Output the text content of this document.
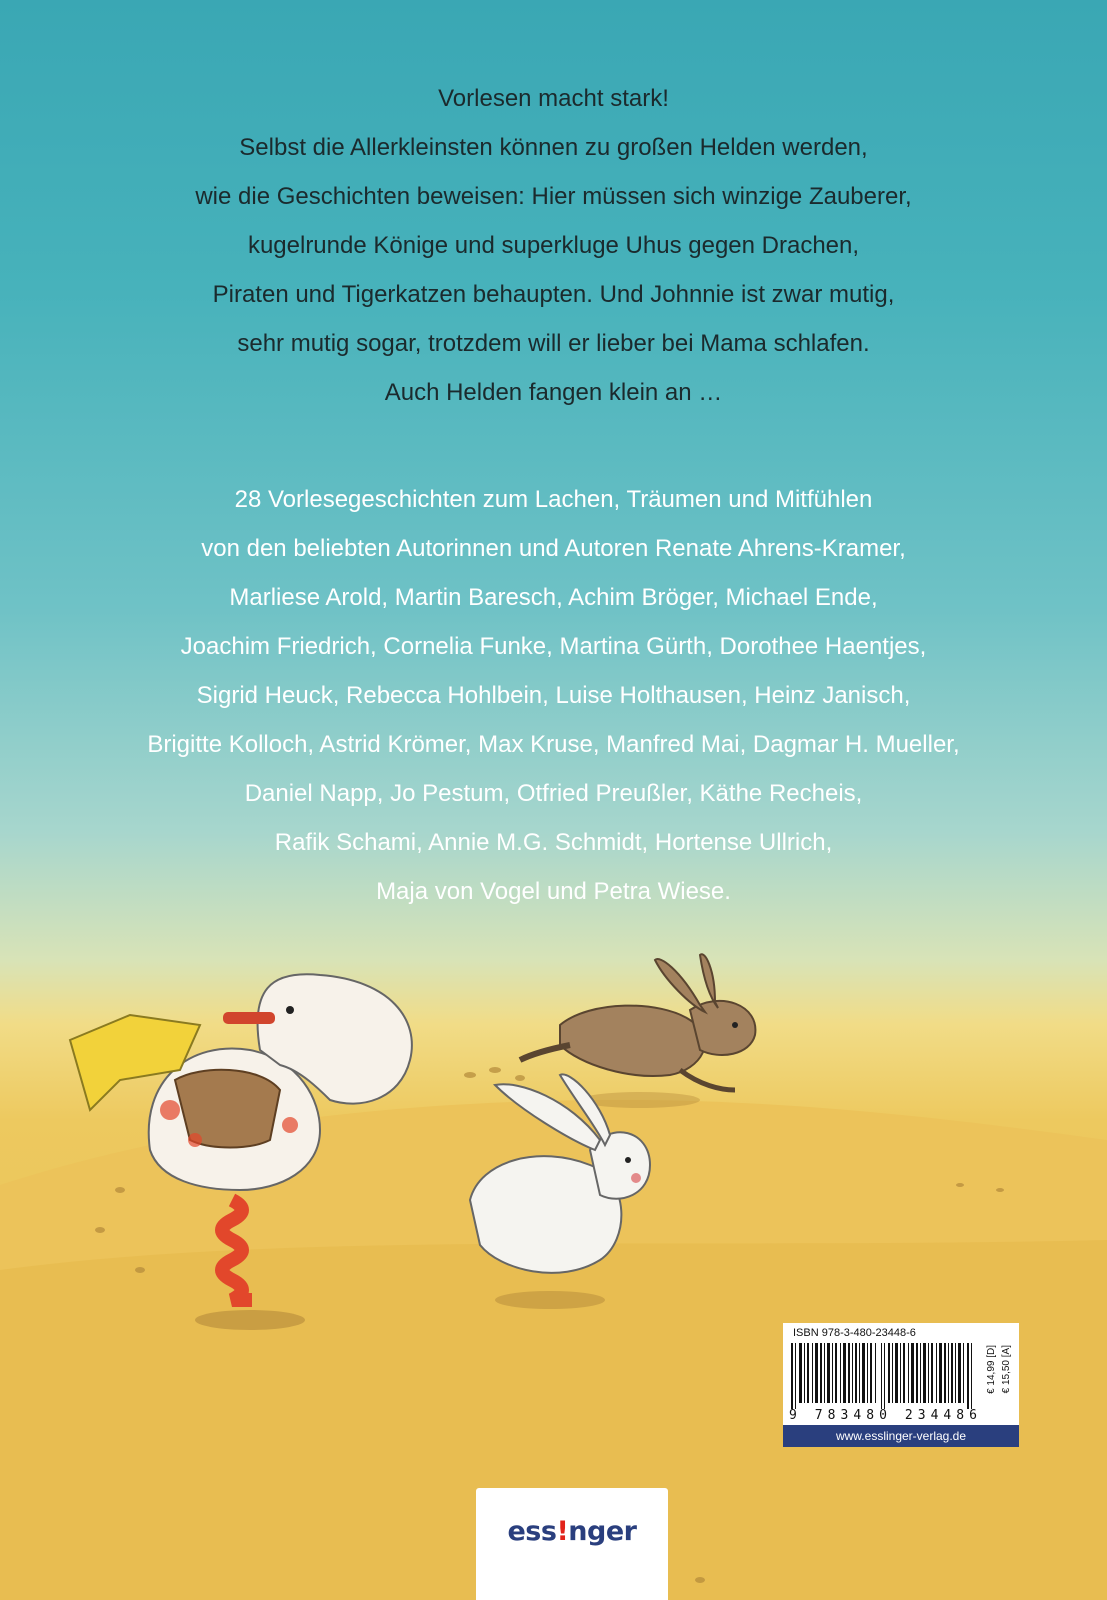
Vorlesen macht stark!
Selbst die Allerkleinsten können zu großen Helden werden,
wie die Geschichten beweisen: Hier müssen sich winzige Zauberer,
kugelrunde Könige und superkluge Uhus gegen Drachen,
Piraten und Tigerkatzen behaupten. Und Johnnie ist zwar mutig,
sehr mutig sogar, trotzdem will er lieber bei Mama schlafen.
Auch Helden fangen klein an …
28 Vorlesegeschichten zum Lachen, Träumen und Mitfühlen
von den beliebten Autorinnen und Autoren Renate Ahrens-Kramer,
Marliese Arold, Martin Baresch, Achim Bröger, Michael Ende,
Joachim Friedrich, Cornelia Funke, Martina Gürth, Dorothee Haentjes,
Sigrid Heuck, Rebecca Hohlbein, Luise Holthausen, Heinz Janisch,
Brigitte Kolloch, Astrid Krömer, Max Kruse, Manfred Mai, Dagmar H. Mueller,
Daniel Napp, Jo Pestum, Otfried Preußler, Käthe Recheis,
Rafik Schami, Annie M.G. Schmidt, Hortense Ullrich,
Maja von Vogel und Petra Wiese.
ISBN 978-3-480-23448-6
9 783480 234486
€ 14,99 [D] € 15,50 [A]
www.esslinger-verlag.de
ess!nger
